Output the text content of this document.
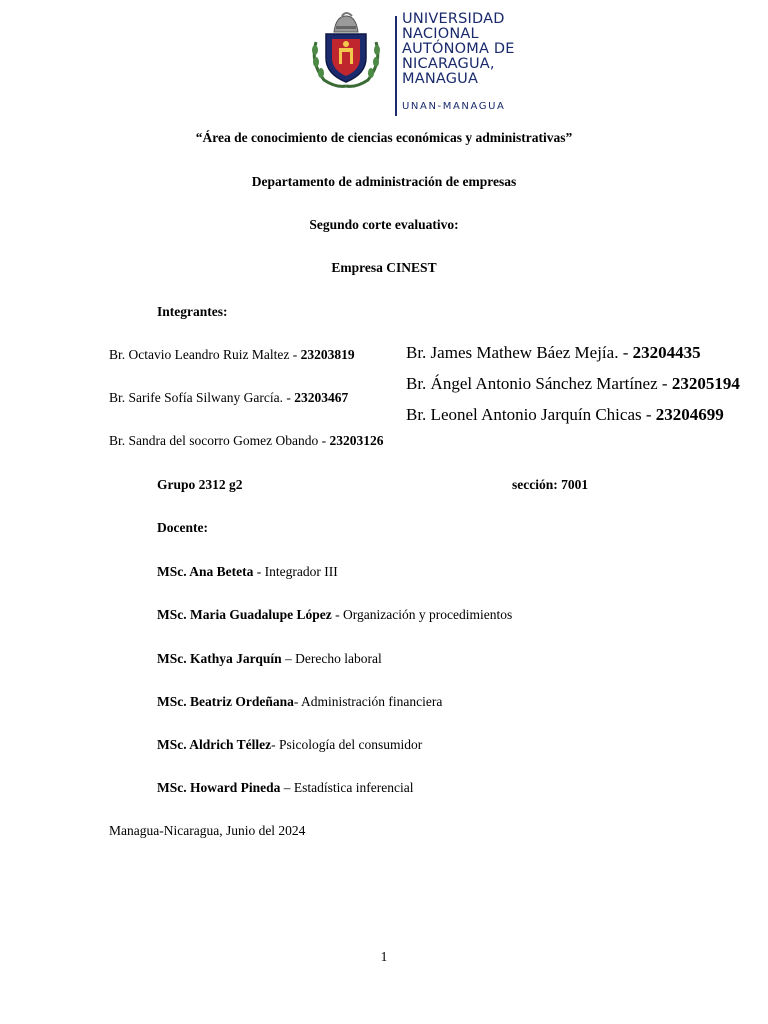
UNIVERSIDAD
NACIONAL
AUTÓNOMA DE
NICARAGUA,
MANAGUA
UNAN-MANAGUA
“Área de conocimiento de ciencias económicas y administrativas”
Departamento de administración de empresas
Segundo corte evaluativo:
Empresa CINEST
Integrantes:
Br. Octavio Leandro Ruiz Maltez - 23203819
Br. Sarife Sofía Silwany García. - 23203467
Br. Sandra del socorro Gomez Obando - 23203126
Br. James Mathew Báez Mejía. - 23204435
Br. Ángel Antonio Sánchez Martínez - 23205194
Br. Leonel Antonio Jarquín Chicas - 23204699
Grupo 2312 g2	sección: 7001
Docente:
MSc. Ana Beteta - Integrador III
MSc. Maria Guadalupe López - Organización y procedimientos
MSc. Kathya Jarquín – Derecho laboral
MSc. Beatriz Ordeñana- Administración financiera
MSc. Aldrich Téllez- Psicología del consumidor
MSc. Howard Pineda – Estadística inferencial
Managua-Nicaragua, Junio del 2024
1
